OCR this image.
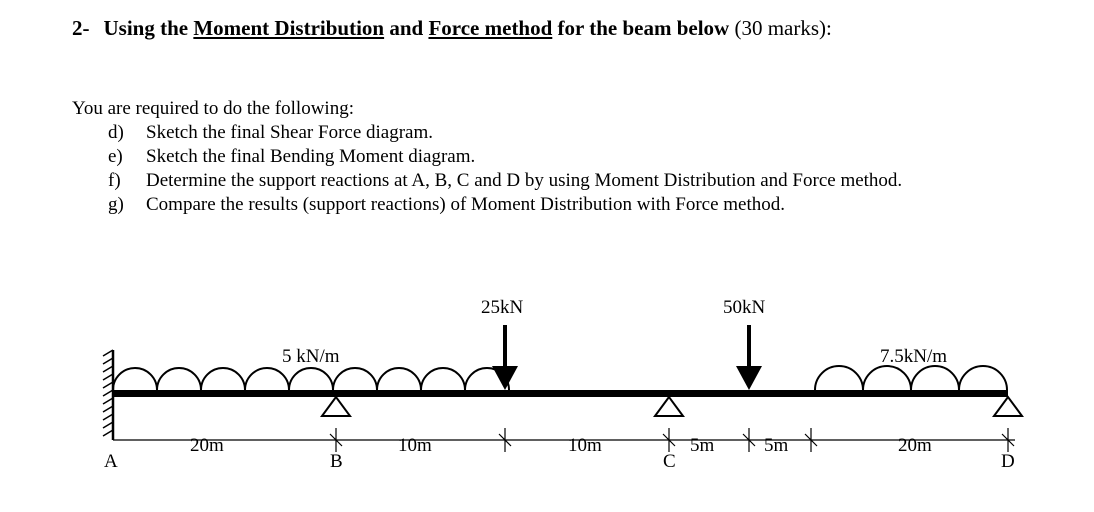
2- Using the Moment Distribution and Force method for the beam below (30 marks):
You are required to do the following:
d) Sketch the final Shear Force diagram.
e) Sketch the final Bending Moment diagram.
f) Determine the support reactions at A, B, C and D by using Moment Distribution and Force method.
g) Compare the results (support reactions) of Moment Distribution with Force method.
5 kN/m
25kN	50kN
7.5kN/m
20m	10m	10m	5m	5m	20m
A	B	C	D
